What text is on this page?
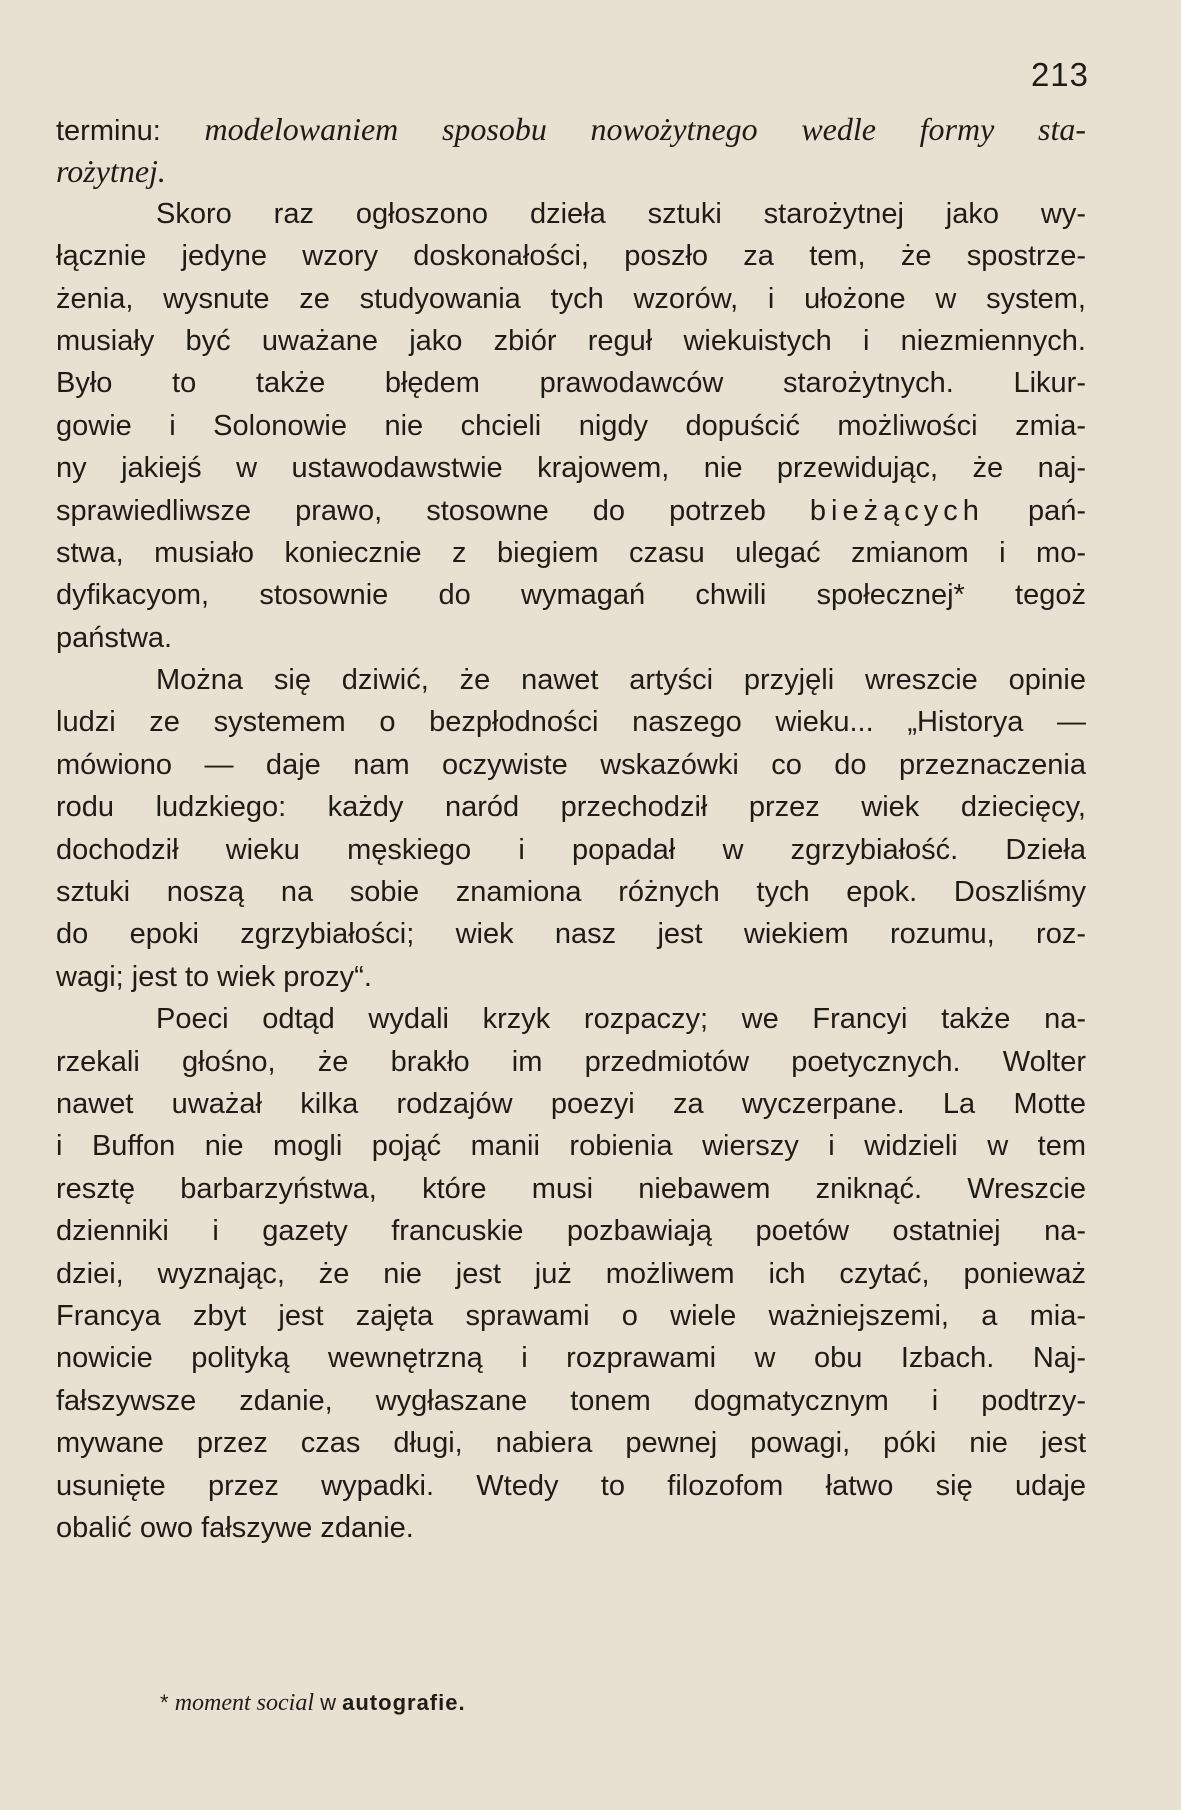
213
terminu: modelowaniem sposobu nowożytnego wedle formy sta-
rożytnej.
Skoro raz ogłoszono dzieła sztuki starożytnej jako wy-
łącznie jedyne wzory doskonałości, poszło za tem, że spostrze-
żenia, wysnute ze studyowania tych wzorów, i ułożone w system,
musiały być uważane jako zbiór reguł wiekuistych i niezmiennych.
Było to także błędem prawodawców starożytnych. Likur-
gowie i Solonowie nie chcieli nigdy dopuścić możliwości zmia-
ny jakiejś w ustawodawstwie krajowem, nie przewidując, że naj-
sprawiedliwsze prawo, stosowne do potrzeb bieżących pań-
stwa, musiało koniecznie z biegiem czasu ulegać zmianom i mo-
dyfikacyom, stosownie do wymagań chwili społecznej* tegoż
państwa.
Można się dziwić, że nawet artyści przyjęli wreszcie opinie
ludzi ze systemem o bezpłodności naszego wieku... „Historya —
mówiono — daje nam oczywiste wskazówki co do przeznaczenia
rodu ludzkiego: każdy naród przechodził przez wiek dziecięcy,
dochodził wieku męskiego i popadał w zgrzybiałość. Dzieła
sztuki noszą na sobie znamiona różnych tych epok. Doszliśmy
do epoki zgrzybiałości; wiek nasz jest wiekiem rozumu, roz-
wagi; jest to wiek prozy“.
Poeci odtąd wydali krzyk rozpaczy; we Francyi także na-
rzekali głośno, że brakło im przedmiotów poetycznych. Wolter
nawet uważał kilka rodzajów poezyi za wyczerpane. La Motte
i Buffon nie mogli pojąć manii robienia wierszy i widzieli w tem
resztę barbarzyństwa, które musi niebawem zniknąć. Wreszcie
dzienniki i gazety francuskie pozbawiają poetów ostatniej na-
dziei, wyznając, że nie jest już możliwem ich czytać, ponieważ
Francya zbyt jest zajęta sprawami o wiele ważniejszemi, a mia-
nowicie polityką wewnętrzną i rozprawami w obu Izbach. Naj-
fałszywsze zdanie, wygłaszane tonem dogmatycznym i podtrzy-
mywane przez czas długi, nabiera pewnej powagi, póki nie jest
usunięte przez wypadki. Wtedy to filozofom łatwo się udaje
obalić owo fałszywe zdanie.
* moment social w autografie.
